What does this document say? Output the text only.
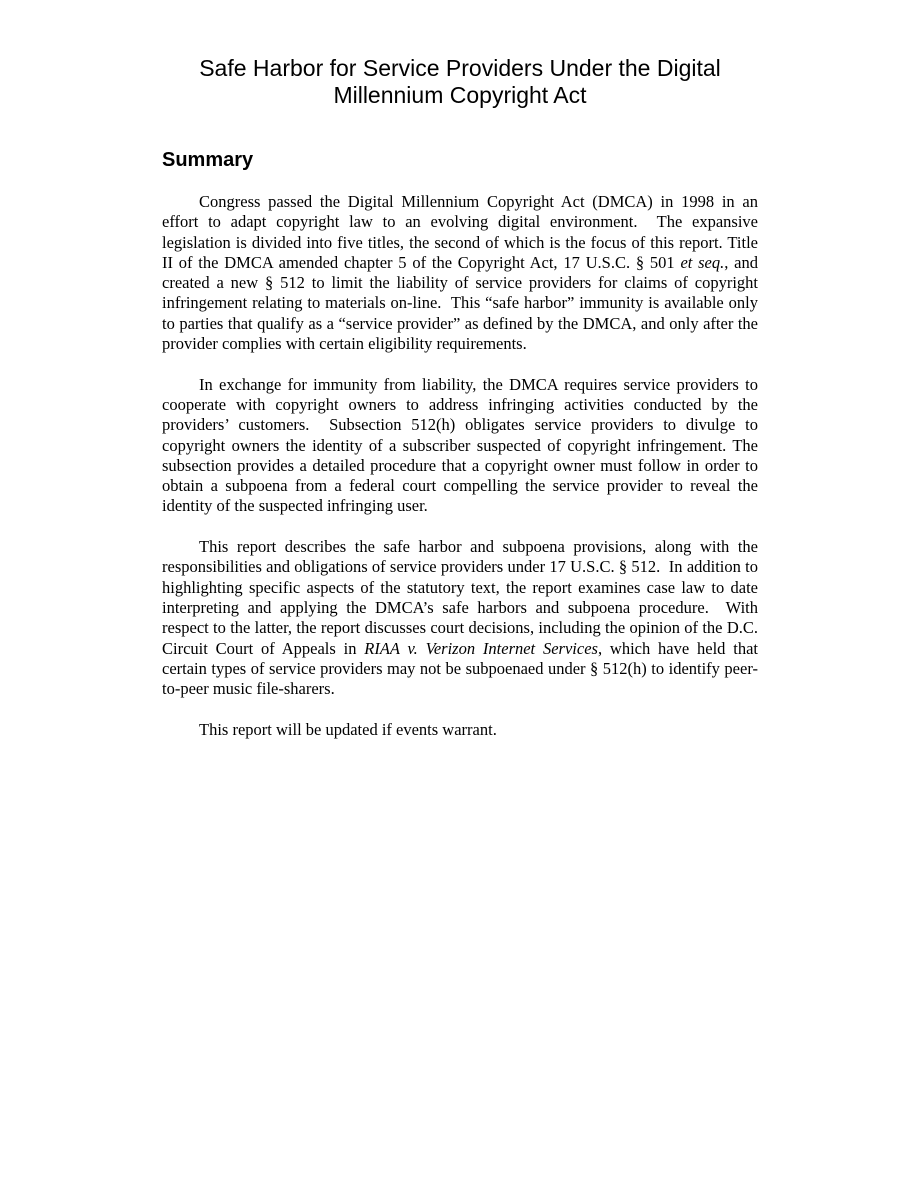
Safe Harbor for Service Providers Under the Digital
Millennium Copyright Act
Summary

Congress passed the Digital Millennium Copyright Act (DMCA) in 1998 in an effort to adapt copyright law to an evolving digital environment.  The expansive legislation is divided into five titles, the second of which is the focus of this report. Title II of the DMCA amended chapter 5 of the Copyright Act, 17 U.S.C. § 501 et seq., and created a new § 512 to limit the liability of service providers for claims of copyright infringement relating to materials on-line.  This “safe harbor” immunity is available only to parties that qualify as a “service provider” as defined by the DMCA, and only after the provider complies with certain eligibility requirements.

In exchange for immunity from liability, the DMCA requires service providers to cooperate with copyright owners to address infringing activities conducted by the providers’ customers.  Subsection 512(h) obligates service providers to divulge to copyright owners the identity of a subscriber suspected of copyright infringement. The subsection provides a detailed procedure that a copyright owner must follow in order to obtain a subpoena from a federal court compelling the service provider to reveal the identity of the suspected infringing user.

This report describes the safe harbor and subpoena provisions, along with the responsibilities and obligations of service providers under 17 U.S.C. § 512.  In addition to highlighting specific aspects of the statutory text, the report examines case law to date interpreting and applying the DMCA’s safe harbors and subpoena procedure.  With respect to the latter, the report discusses court decisions, including the opinion of the D.C. Circuit Court of Appeals in RIAA v. Verizon Internet Services, which have held that certain types of service providers may not be subpoenaed under § 512(h) to identify peer-to-peer music file-sharers.

This report will be updated if events warrant.
